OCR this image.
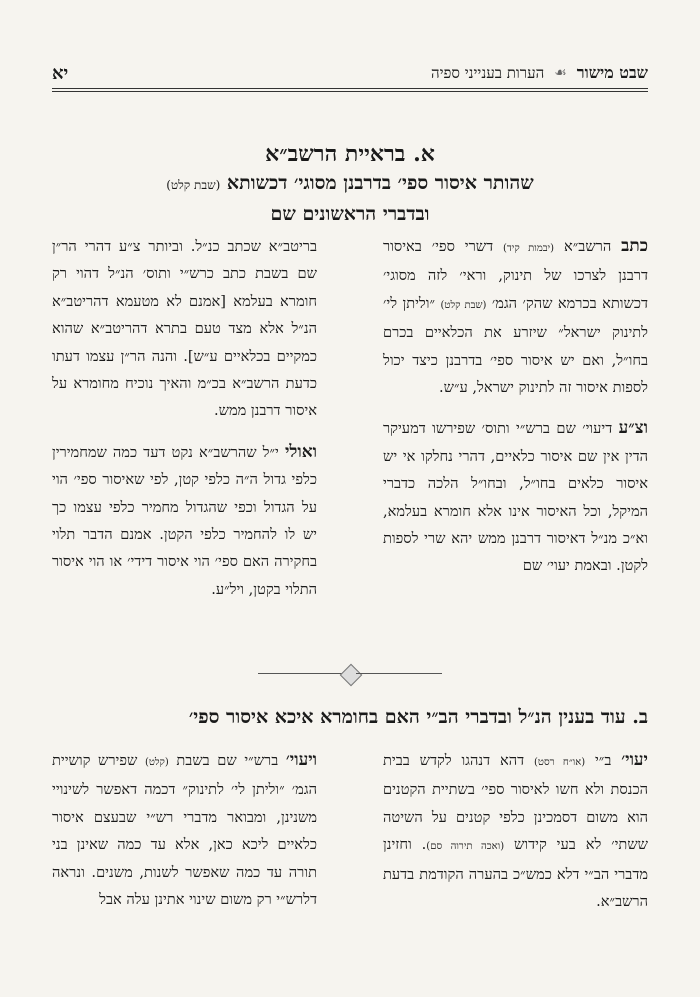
שבט מישור
☙
הערות בענייני ספיה
יא
א. בראיית הרשב״א
שהותר איסור ספי׳ בדרבנן מסוגי׳ דכשותא (שבת קלט)
ובדברי הראשונים שם

כתב הרשב״א (יבמות קיד) דשרי ספי׳ באיסור דרבנן לצרכו של תינוק, וראי׳ לזה מסוגי׳ דכשותא בכרמא שהק׳ הגמ׳ (שבת קלט) ״וליתן לי׳ לתינוק ישראל״ שיזרע את הכלאיים בכרם בחו״ל, ואם יש איסור ספי׳ בדרבנן כיצד יכול לספות איסור זה לתינוק ישראל, ע״ש.

וצ״ע דיעוי׳ שם ברש״י ותוס׳ שפירשו דמעיקר הדין אין שם איסור כלאיים, דהרי נחלקו אי יש איסור כלאים בחו״ל, ובחו״ל הלכה כדברי המיקל, וכל האיסור אינו אלא חומרא בעלמא, וא״כ מנ״ל דאיסור דרבנן ממש יהא שרי לספות לקטן. ובאמת יעוי׳ שם

בריטב״א שכתב כנ״ל. וביותר צ״ע דהרי הר״ן שם בשבת כתב כרש״י ותוס׳ הנ״ל דהוי רק חומרא בעלמא [אמנם לא מטעמא דהריטב״א הנ״ל אלא מצד טעם בתרא דהריטב״א שהוא כמקיים בכלאיים ע״ש]. והנה הר״ן עצמו דעתו כדעת הרשב״א בכ״מ והאיך נוכיח מחומרא על איסור דרבנן ממש.

ואולי י״ל שהרשב״א נקט דעד כמה שמחמירין כלפי גדול ה״ה כלפי קטן, לפי שאיסור ספי׳ הוי על הגדול וכפי שהגדול מחמיר כלפי עצמו כך יש לו להחמיר כלפי הקטן. אמנם הדבר תלוי בחקירה האם ספי׳ הוי איסור דידי׳ או הוי איסור התלוי בקטן, ויל״ע.

ב. עוד בענין הנ״ל ובדברי הב״י האם בחומרא איכא איסור ספי׳

יעוי׳ ב״י (או״ח רסט) דהא דנהגו לקדש בבית הכנסת ולא חשו לאיסור ספי׳ בשתיית הקטנים הוא משום דסמכינן כלפי קטנים על השיטה ששתי׳ לא בעי קידוש (ואכה תירוה סם). וחזינן מדברי הב״י דלא כמש״כ בהערה הקודמת בדעת הרשב״א.

ויעוי׳ ברש״י שם בשבת (קלט) שפירש קושיית הגמ׳ ״וליתן לי׳ לתינוק״ דכמה דאפשר לשינויי משנינן, ומבואר מדברי רש״י שבעצם איסור כלאיים ליכא כאן, אלא עד כמה שאינן בני תורה עד כמה שאפשר לשנות, משנים. ונראה דלרש״י רק משום שינוי אתינן עלה אבל
